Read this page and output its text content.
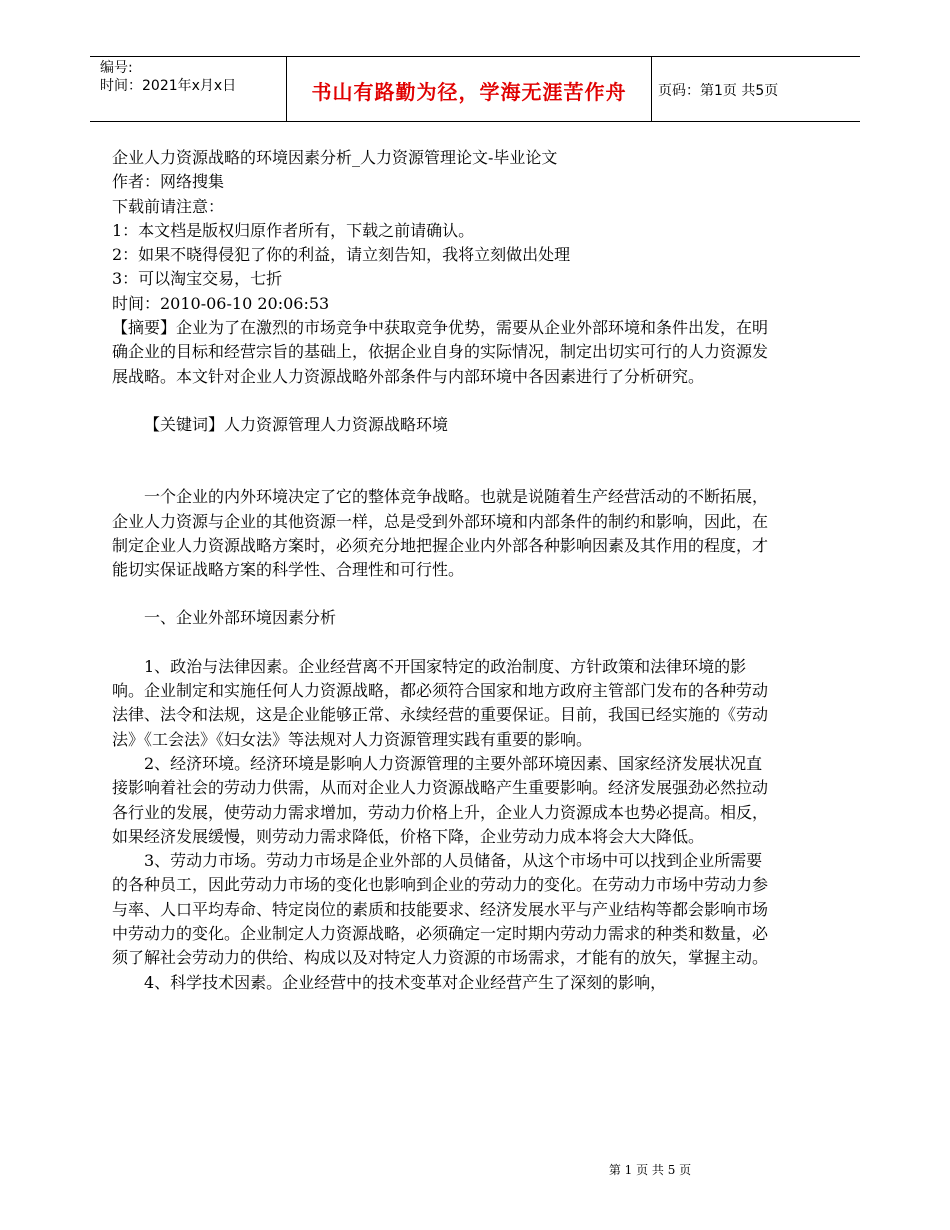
编号:
时间：2021年x月x日	书山有路勤为径，学海无涯苦作舟	页码：第1页 共5页

企业人力资源战略的环境因素分析_人力资源管理论文-毕业论文

作者：网络搜集

下载前请注意：

1：本文档是版权归原作者所有，下载之前请确认。

2：如果不晓得侵犯了你的利益，请立刻告知，我将立刻做出处理

3：可以淘宝交易，七折

时间：2010-06-10 20:06:53

【摘要】企业为了在激烈的市场竞争中获取竞争优势，需要从企业外部环境和条件出发，在明确企业的目标和经营宗旨的基础上，依据企业自身的实际情况，制定出切实可行的人力资源发展战略。本文针对企业人力资源战略外部条件与内部环境中各因素进行了分析研究。

【关键词】人力资源管理人力资源战略环境

一个企业的内外环境决定了它的整体竞争战略。也就是说随着生产经营活动的不断拓展，企业人力资源与企业的其他资源一样，总是受到外部环境和内部条件的制约和影响，因此，在制定企业人力资源战略方案时，必须充分地把握企业内外部各种影响因素及其作用的程度，才能切实保证战略方案的科学性、合理性和可行性。

一、企业外部环境因素分析

1、政治与法律因素。企业经营离不开国家特定的政治制度、方针政策和法律环境的影响。企业制定和实施任何人力资源战略，都必须符合国家和地方政府主管部门发布的各种劳动法律、法令和法规，这是企业能够正常、永续经营的重要保证。目前，我国已经实施的《劳动法》《工会法》《妇女法》等法规对人力资源管理实践有重要的影响。

2、经济环境。经济环境是影响人力资源管理的主要外部环境因素、国家经济发展状况直接影响着社会的劳动力供需，从而对企业人力资源战略产生重要影响。经济发展强劲必然拉动各行业的发展，使劳动力需求增加，劳动力价格上升，企业人力资源成本也势必提高。相反，如果经济发展缓慢，则劳动力需求降低，价格下降，企业劳动力成本将会大大降低。

3、劳动力市场。劳动力市场是企业外部的人员储备，从这个市场中可以找到企业所需要的各种员工，因此劳动力市场的变化也影响到企业的劳动力的变化。在劳动力市场中劳动力参与率、人口平均寿命、特定岗位的素质和技能要求、经济发展水平与产业结构等都会影响市场中劳动力的变化。企业制定人力资源战略，必须确定一定时期内劳动力需求的种类和数量，必须了解社会劳动力的供给、构成以及对特定人力资源的市场需求，才能有的放矢，掌握主动。

4、科学技术因素。企业经营中的技术变革对企业经营产生了深刻的影响，

第 1 页 共 5 页
